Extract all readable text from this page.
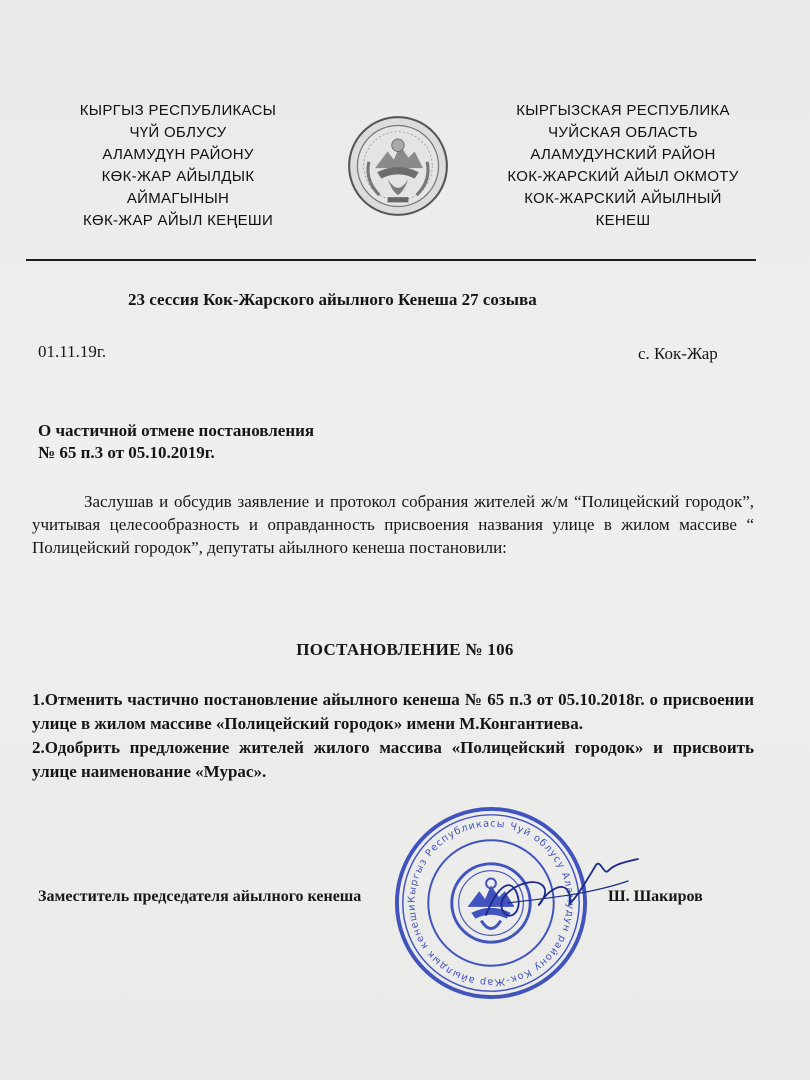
КЫРГЫЗ РЕСПУБЛИКАСЫ
ЧҮЙ ОБЛУСУ
АЛАМУДҮН РАЙОНУ
КӨК-ЖАР АЙЫЛДЫК
АЙМАГЫНЫН
КӨК-ЖАР АЙЫЛ КЕҢЕШИ
КЫРГЫЗСКАЯ РЕСПУБЛИКА
ЧУЙСКАЯ ОБЛАСТЬ
АЛАМУДУНСКИЙ РАЙОН
КОК-ЖАРСКИЙ АЙЫЛ ОКМОТУ
КОК-ЖАРСКИЙ АЙЫЛНЫЙ
КЕНЕШ
23 сессия Кок-Жарского айылного Кенеша 27 созыва
01.11.19г.	с. Кок-Жар
О частичной отмене постановления
№ 65 п.3 от 05.10.2019г.
Заслушав и обсудив заявление и протокол собрания жителей ж/м “Полицейский городок”, учитывая целесообразность и оправданность присвоения названия улице в жилом массиве “ Полицейский городок”, депутаты айылного кенеша постановили:
ПОСТАНОВЛЕНИЕ № 106

1.Отменить частично постановление айылного кенеша № 65 п.3 от 05.10.2018г. о присвоении улице в жилом массиве «Полицейский городок» имени М.Конгантиева.

2.Одобрить предложение жителей жилого массива «Полицейский городок» и присвоить улице наименование «Мурас».

Заместитель председателя айылного кенеша	Ш. Шакиров
Кыргыз Республикасы Чуй облусу Аламудун району Кок-Жар айылдык кенеши
